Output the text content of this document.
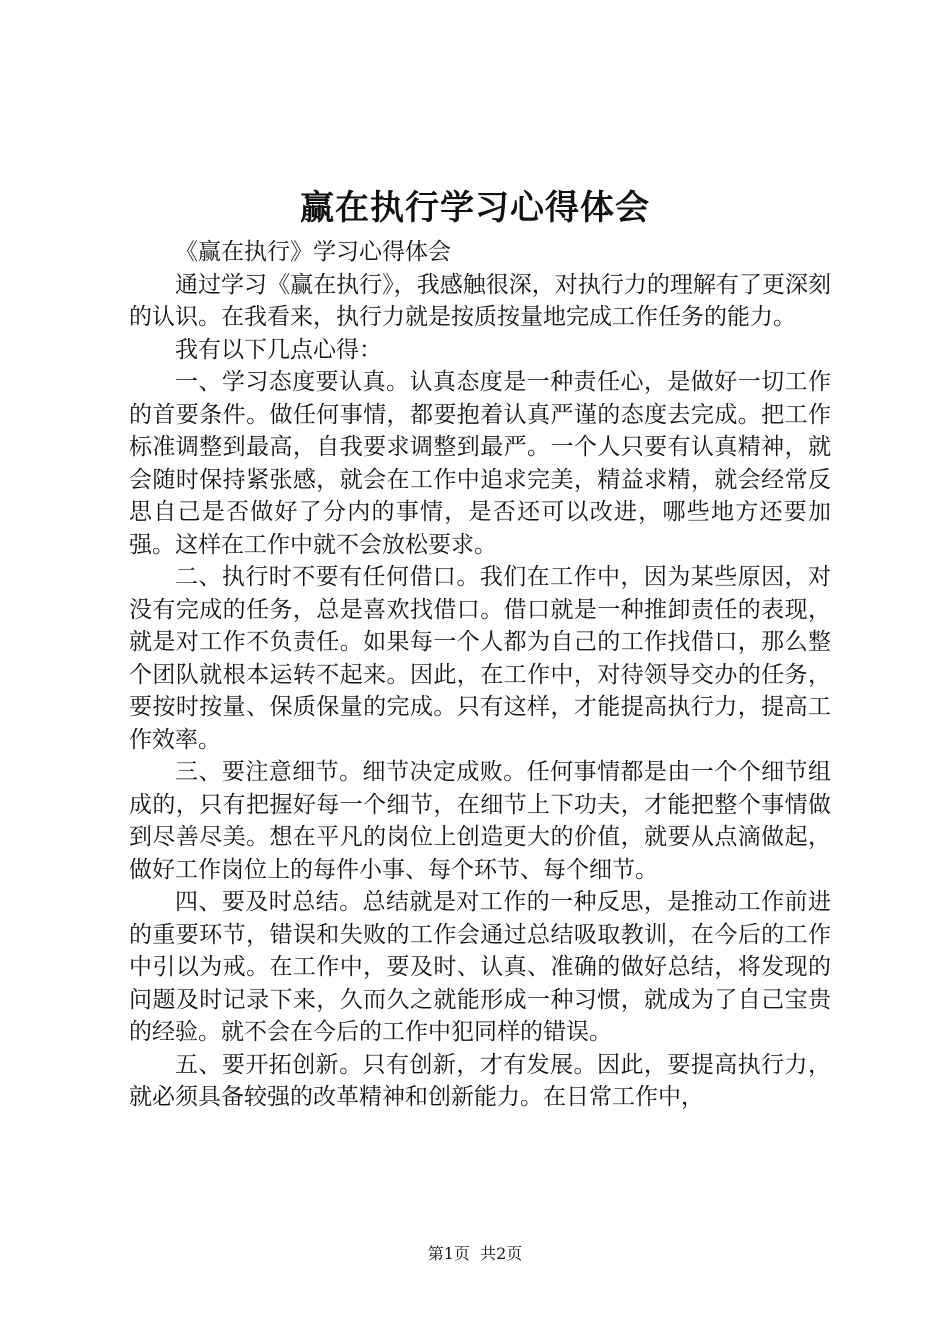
赢在执行学习心得体会

《赢在执行》学习心得体会

通过学习《赢在执行》，我感触很深，对执行力的理解有了更深刻的认识。在我看来，执行力就是按质按量地完成工作任务的能力。

我有以下几点心得：

一、学习态度要认真。认真态度是一种责任心，是做好一切工作的首要条件。做任何事情，都要抱着认真严谨的态度去完成。把工作标准调整到最高，自我要求调整到最严。一个人只要有认真精神，就会随时保持紧张感，就会在工作中追求完美，精益求精，就会经常反思自己是否做好了分内的事情，是否还可以改进，哪些地方还要加强。这样在工作中就不会放松要求。

二、执行时不要有任何借口。我们在工作中，因为某些原因，对没有完成的任务，总是喜欢找借口。借口就是一种推卸责任的表现，就是对工作不负责任。如果每一个人都为自己的工作找借口，那么整个团队就根本运转不起来。因此，在工作中，对待领导交办的任务，要按时按量、保质保量的完成。只有这样，才能提高执行力，提高工作效率。

三、要注意细节。细节决定成败。任何事情都是由一个个细节组成的，只有把握好每一个细节，在细节上下功夫，才能把整个事情做到尽善尽美。想在平凡的岗位上创造更大的价值，就要从点滴做起，做好工作岗位上的每件小事、每个环节、每个细节。

四、要及时总结。总结就是对工作的一种反思，是推动工作前进的重要环节，错误和失败的工作会通过总结吸取教训，在今后的工作中引以为戒。在工作中，要及时、认真、准确的做好总结，将发现的问题及时记录下来，久而久之就能形成一种习惯，就成为了自己宝贵的经验。就不会在今后的工作中犯同样的错误。

五、要开拓创新。只有创新，才有发展。因此，要提高执行力，就必须具备较强的改革精神和创新能力。在日常工作中，

第1页  共2页
